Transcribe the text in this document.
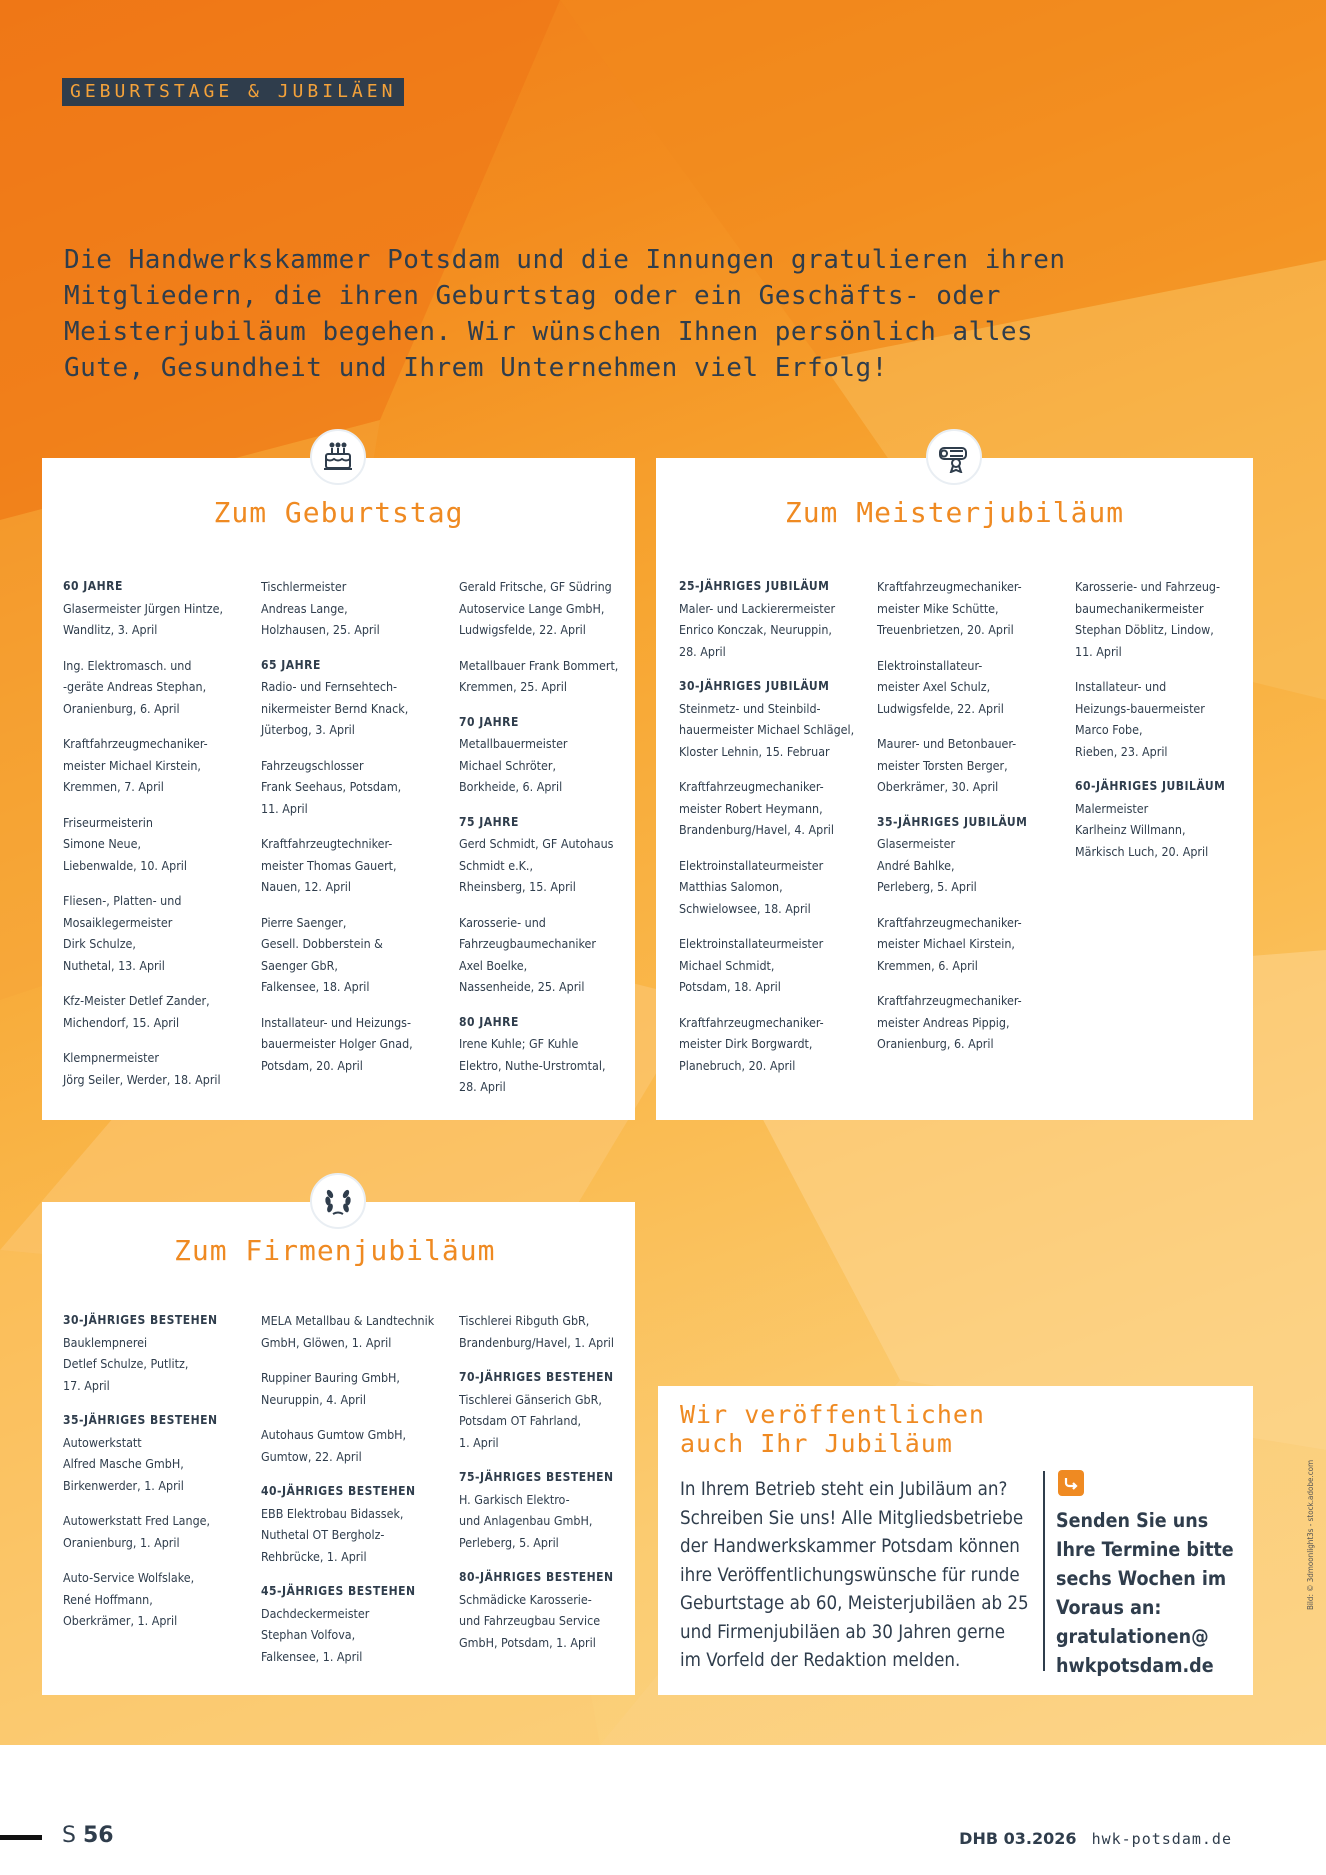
GEBURTSTAGE & JUBILÄEN

Die Handwerkskammer Potsdam und die Innungen gratulieren ihren Mitgliedern, die ihren Geburtstag oder ein Geschäfts- oder Meisterjubiläum begehen. Wir wünschen Ihnen persönlich alles Gute, Gesundheit und Ihrem Unternehmen viel Erfolg!

Zum Geburtstag
60 JAHRE
Glasermeister Jürgen Hintze,
Wandlitz, 3. April
Ing. Elektromasch. und
-geräte Andreas Stephan,
Oranienburg, 6. April
Kraftfahrzeugmechaniker-
meister Michael Kirstein,
Kremmen, 7. April
Friseurmeisterin
Simone Neue,
Liebenwalde, 10. April
Fliesen-, Platten- und
Mosaiklegermeister
Dirk Schulze,
Nuthetal, 13. April
Kfz-Meister Detlef Zander,
Michendorf, 15. April
Klempnermeister
Jörg Seiler, Werder, 18. April
Tischlermeister
Andreas Lange,
Holzhausen, 25. April
65 JAHRE
Radio- und Fernsehtech-
nikermeister Bernd Knack,
Jüterbog, 3. April
Fahrzeugschlosser
Frank Seehaus, Potsdam,
11. April
Kraftfahrzeugtechniker-
meister Thomas Gauert,
Nauen, 12. April
Pierre Saenger,
Gesell. Dobberstein &
Saenger GbR,
Falkensee, 18. April
Installateur- und Heizungs-
bauermeister Holger Gnad,
Potsdam, 20. April
Gerald Fritsche, GF Südring
Autoservice Lange GmbH,
Ludwigsfelde, 22. April
Metallbauer Frank Bommert,
Kremmen, 25. April
70 JAHRE
Metallbauermeister
Michael Schröter,
Borkheide, 6. April
75 JAHRE
Gerd Schmidt, GF Autohaus
Schmidt e.K.,
Rheinsberg, 15. April
Karosserie- und
Fahrzeugbaumechaniker
Axel Boelke,
Nassenheide, 25. April
80 JAHRE
Irene Kuhle; GF Kuhle
Elektro, Nuthe-Urstromtal,
28. April
Zum Meisterjubiläum
25-JÄHRIGES JUBILÄUM
Maler- und Lackierermeister
Enrico Konczak, Neuruppin,
28. April
30-JÄHRIGES JUBILÄUM
Steinmetz- und Steinbild-
hauermeister Michael Schlägel,
Kloster Lehnin, 15. Februar
Kraftfahrzeugmechaniker-
meister Robert Heymann,
Brandenburg/Havel, 4. April
Elektroinstallateurmeister
Matthias Salomon,
Schwielowsee, 18. April
Elektroinstallateurmeister
Michael Schmidt,
Potsdam, 18. April
Kraftfahrzeugmechaniker-
meister Dirk Borgwardt,
Planebruch, 20. April
Kraftfahrzeugmechaniker-
meister Mike Schütte,
Treuenbrietzen, 20. April
Elektroinstallateur-
meister Axel Schulz,
Ludwigsfelde, 22. April
Maurer- und Betonbauer-
meister Torsten Berger,
Oberkrämer, 30. April
35-JÄHRIGES JUBILÄUM
Glasermeister
André Bahlke,
Perleberg, 5. April
Kraftfahrzeugmechaniker-
meister Michael Kirstein,
Kremmen, 6. April
Kraftfahrzeugmechaniker-
meister Andreas Pippig,
Oranienburg, 6. April
Karosserie- und Fahrzeug-
baumechanikermeister
Stephan Döblitz, Lindow,
11. April
Installateur- und
Heizungs-bauermeister
Marco Fobe,
Rieben, 23. April
60-JÄHRIGES JUBILÄUM
Malermeister
Karlheinz Willmann,
Märkisch Luch, 20. April
Zum Firmenjubiläum
30-JÄHRIGES BESTEHEN
Bauklempnerei
Detlef Schulze, Putlitz,
17. April
35-JÄHRIGES BESTEHEN
Autowerkstatt
Alfred Masche GmbH,
Birkenwerder, 1. April
Autowerkstatt Fred Lange,
Oranienburg, 1. April
Auto-Service Wolfslake,
René Hoffmann,
Oberkrämer, 1. April
MELA Metallbau & Landtechnik
GmbH, Glöwen, 1. April
Ruppiner Bauring GmbH,
Neuruppin, 4. April
Autohaus Gumtow GmbH,
Gumtow, 22. April
40-JÄHRIGES BESTEHEN
EBB Elektrobau Bidassek,
Nuthetal OT Bergholz-
Rehbrücke, 1. April
45-JÄHRIGES BESTEHEN
Dachdeckermeister
Stephan Volfova,
Falkensee, 1. April
Tischlerei Ribguth GbR,
Brandenburg/Havel, 1. April
70-JÄHRIGES BESTEHEN
Tischlerei Gänserich GbR,
Potsdam OT Fahrland,
1. April
75-JÄHRIGES BESTEHEN
H. Garkisch Elektro-
und Anlagenbau GmbH,
Perleberg, 5. April
80-JÄHRIGES BESTEHEN
Schmädicke Karosserie-
und Fahrzeugbau Service
GmbH, Potsdam, 1. April
Wir veröffentlichen
auch Ihr Jubiläum

In Ihrem Betrieb steht ein Jubiläum an? Schreiben Sie uns! Alle Mitgliedsbetriebe der Handwerkskammer Potsdam können ihre Veröffentlichungswünsche für runde Geburtstage ab 60, Meisterjubiläen ab 25 und Firmenjubiläen ab 30 Jahren gerne im Vorfeld der Redaktion melden.

Senden Sie uns Ihre Termine bitte sechs Wochen im Voraus an: gratulationen@ hwkpotsdam.de

Bild: © 3dmoonlight3s - stock.adobe.com
S 56	DHB 03.2026 hwk-potsdam.de
